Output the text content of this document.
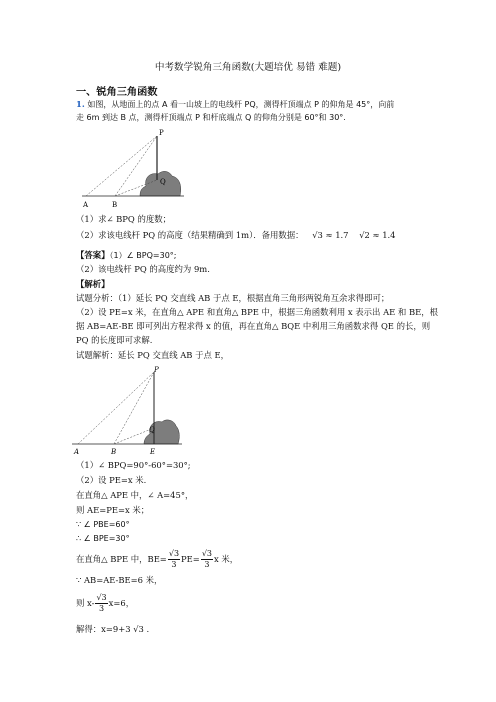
中考数学锐角三角函数(大题培优 易错 难题)
一、锐角三角函数
1. 如图，从地面上的点 A 看一山坡上的电线杆 PQ，测得杆顶端点 P 的仰角是 45°，向前
走 6m 到达 B 点，测得杆顶端点 P 和杆底端点 Q 的仰角分别是 60°和 30°.
P
Q
A	B
（1）求∠ BPQ 的度数；
（2）求该电线杆 PQ 的高度（结果精确到 1m）．备用数据： √3 ≈ 1.7 √2 ≈ 1.4
【答案】（1）∠ BPQ=30°;
（2）该电线杆 PQ 的高度约为 9m.
【解析】
试题分析：（1）延长 PQ 交直线 AB 于点 E，根据直角三角形两锐角互余求得即可；
（2）设 PE=x 米，在直角△ APE 和直角△ BPE 中，根据三角函数利用 x 表示出 AE 和 BE，根
据 AB=AE-BE 即可列出方程求得 x 的值，再在直角△ BQE 中利用三角函数求得 QE 的长，则
PQ 的长度即可求解.
试题解析：延长 PQ 交直线 AB 于点 E，
P
Q
A	B	E
（1）∠ BPQ=90°-60°=30°;
（2）设 PE=x 米.
在直角△ APE 中，∠ A=45°，
则 AE=PE=x 米；
∵ ∠ PBE=60°
∴ ∠ BPE=30°
在直角△ BPE 中，$BE= \frac{√3}{3} PE= \frac{√3}{3}$ x 米，
∵ AB=AE-BE=6 米，
则 $x- \frac{√3}{3} x=6$，
解得：x=9+3 √3 .
